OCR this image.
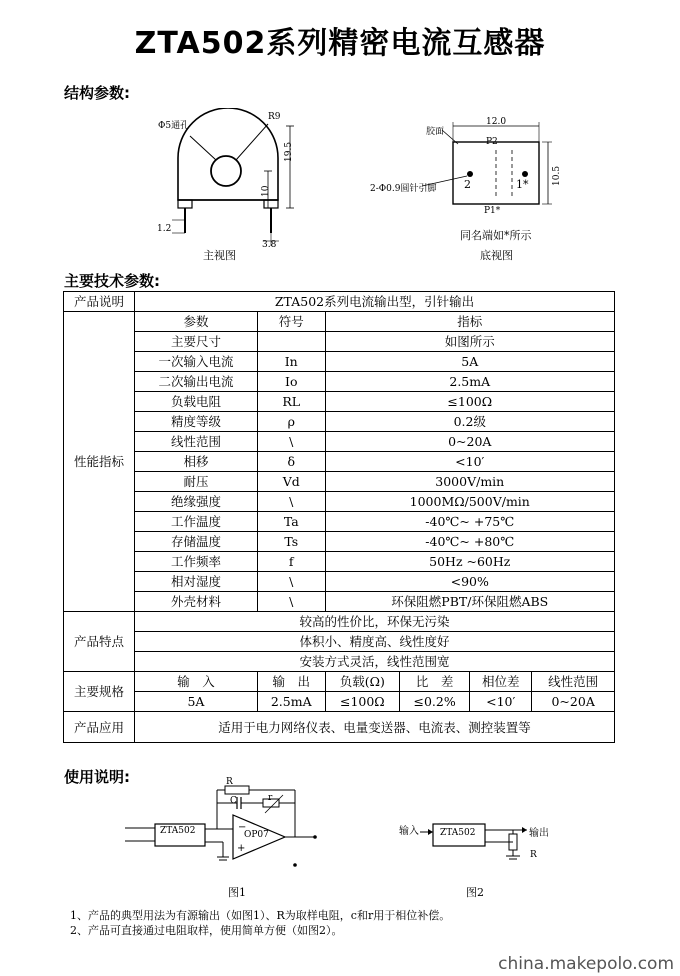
ZTA502系列精密电流互感器
结构参数:
Φ5通孔
R9
19.5
10
1.2
3.8
主视图
胶面
12.0
P2
10.5
2-Φ0.9圆针引脚	2	1*
P1*
同名端如*所示
底视图
主要技术参数:
产品说明	ZTA502系列电流输出型，引针输出					
性能指标	参数	符号	指标			
	主要尺寸		如图所示			
	一次输入电流	In	5A			
	二次输出电流	Io	2.5mA			
	负载电阻	RL	≤100Ω			
	精度等级	ρ	0.2级			
	线性范围	\	0~20A			
	相移	δ	<10′			
	耐压	Vd	3000V/min			
	绝缘强度	\	1000MΩ/500V/min			
	工作温度	Ta	-40℃~ +75℃			
	存储温度	Ts	-40℃~ +80℃			
	工作频率	f	50Hz ~60Hz			
	相对湿度	\	<90%			
	外壳材料	\	环保阻燃PBT/环保阻燃ABS			
产品特点	较高的性价比，环保无污染					
	体积小、精度高、线性度好					
	安装方式灵活，线性范围宽					
主要规格	输　入	输　出	负载(Ω)	比　差	相位差	线性范围
	5A	2.5mA	≤100Ω	≤0.2%	<10′	0~20A
产品应用	适用于电力网络仪表、电量变送器、电流表、测控装置等					
使用说明:
ZTA502	OP07
−
+
R
C	r
图1
输入 ZTA502	输出
R
图2
1、产品的典型用法为有源输出（如图1）、R为取样电阻，c和r用于相位补偿。
2、产品可直接通过电阻取样，使用简单方便（如图2）。
china.makepolo.com
